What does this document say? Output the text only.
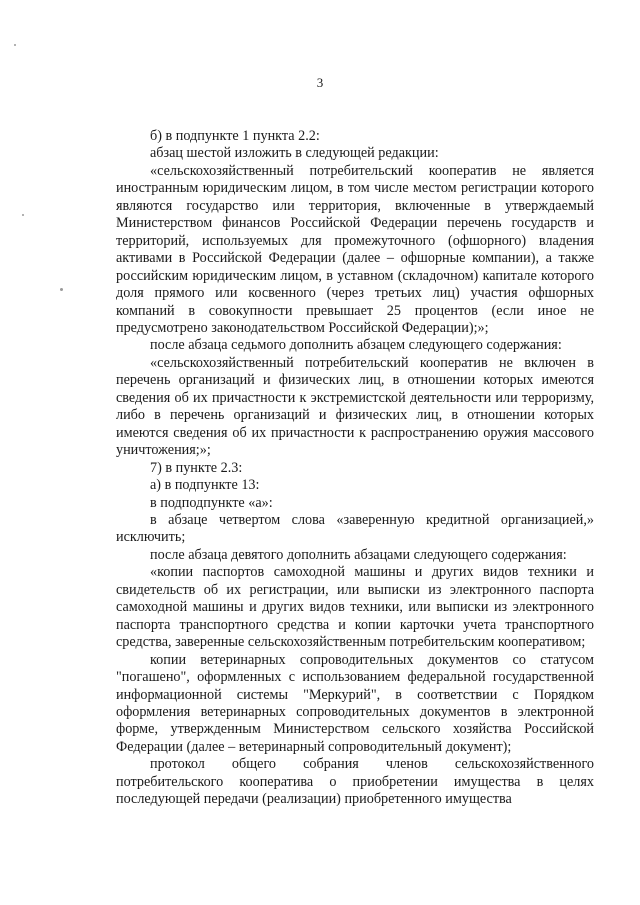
3

б) в подпункте 1 пункта 2.2:

абзац шестой изложить в следующей редакции:

«сельскохозяйственный потребительский кооператив не является иностранным юридическим лицом, в том числе местом регистрации которого являются государство или территория, включенные в утверждаемый Министерством финансов Российской Федерации перечень государств и территорий, используемых для промежуточного (офшорного) владения активами в Российской Федерации (далее – офшорные компании), а также российским юридическим лицом, в уставном (складочном) капитале которого доля прямого или косвенного (через третьих лиц) участия офшорных компаний в совокупности превышает 25 процентов (если иное не предусмотрено законодательством Российской Федерации);»;

после абзаца седьмого дополнить абзацем следующего содержания:

«сельскохозяйственный потребительский кооператив не включен в перечень организаций и физических лиц, в отношении которых имеются сведения об их причастности к экстремистской деятельности или терроризму, либо в перечень организаций и физических лиц, в отношении которых имеются сведения об их причастности к распространению оружия массового уничтожения;»;

7) в пункте 2.3:

а) в подпункте 13:

в подподпункте «а»:

в абзаце четвертом слова «заверенную кредитной организацией,» исключить;

после абзаца девятого дополнить абзацами следующего содержания:

«копии паспортов самоходной машины и других видов техники и свидетельств об их регистрации, или выписки из электронного паспорта самоходной машины и других видов техники, или выписки из электронного паспорта транспортного средства и копии карточки учета транспортного средства, заверенные сельскохозяйственным потребительским кооперативом;

копии ветеринарных сопроводительных документов со статусом "погашено", оформленных с использованием федеральной государственной информационной системы "Меркурий", в соответствии с Порядком оформления ветеринарных сопроводительных документов в электронной форме, утвержденным Министерством сельского хозяйства Российской Федерации (далее – ветеринарный сопроводительный документ);

протокол общего собрания членов сельскохозяйственного потребительского кооператива о приобретении имущества в целях последующей передачи (реализации) приобретенного имущества
